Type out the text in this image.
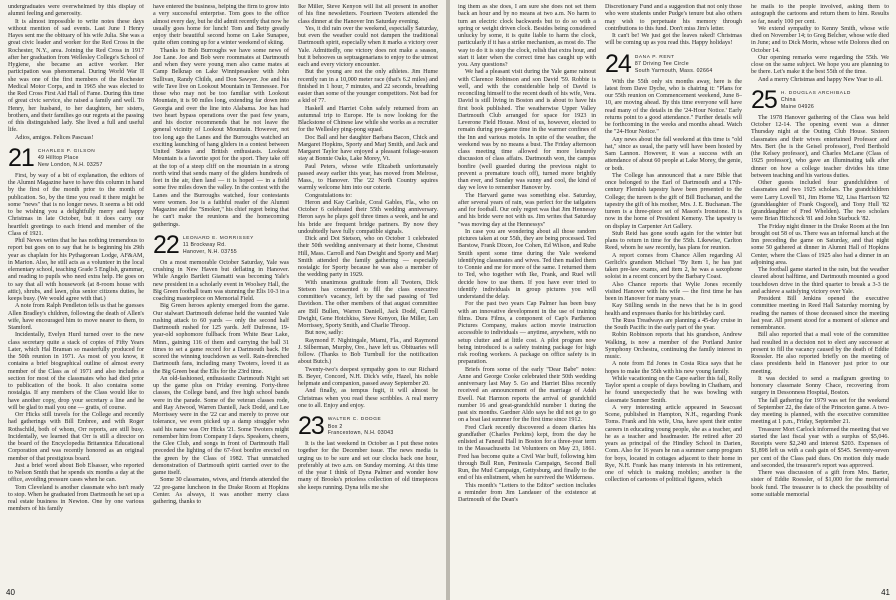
undergraduates were overwhelmed by this display of alumni feeling and generosity.

It is almost impossible to write notes these days without mention of sad events. Last June I Henry Hayes sent me the obituary of his wife Julia. She was a great civic leader and worker for the Red Cross in the Rochester, N.Y., area. Joining the Red Cross in 1917 after her graduation from Wellesley College's School of Hygiene, she became an active worker. Her participation was phenomenal. During World War II she was one of the first members of the Rochester Medical Motor Corps, and in 1965 she was elected to the Red Cross First Aid Hall of Fame. During this time of great civic service, she raised a family and well. To Henry, her husband, to her daughters, her sisters, brothers, and their families go our regrets at the passing of this distinguished lady. She lived a full and useful life.

Adios, amigos. Felices Pascuas!

21 CHARLES P. GILSON
49 Hilltop Place
New London, N.H. 03257

First, by way of a bit of explanation, the editors of the Alumni Magazine have to have this column in hand by the first of the month prior to the month of publication. So, by the time you read it there might be some "news" that is no longer news. It seems a bit odd to be wishing you a delightfully merry and happy Christmas in late October, but it does carry our heartfelt greetings to each friend and member of the Class of 1921.

Phil Neves writes that he has nothing tremendous to report but goes on to say that he is beginning his 29th year as chaplain for his Pythagorean Lodge, AF&AM, in Marion. Also, he still acts as a volunteer in the local elementary school, teaching Grade 5 English, grammar, and reading to pupils who need extra help. He goes on to say that all with housework (at 8-room house with attic), shrubs, and lawn, plus senior citizens duties, he keeps busy. (We would agree with that.)

A note from Ralph Pendleton tells us that he guesses Allen Bradley's children, following the death of Allen's wife, have encouraged him to move nearer to them, to Stamford.

Incidentally, Evelyn Hurd turned over to the new class secretary quite a stack of copies of Fifty Years Later, which Hal Braman so masterfully produced for the 50th reunion in 1971. As most of you know, it contains a brief biographical outline of almost every member of the Class as of 1971 and also includes a section for most of the classmates who had died prior to publication of the book. It also contains some nostalgia. If any members of the Class would like to have another copy, drop your secretary a line and he will be glad to mail you one — gratis, of course.

Orr Hicks still travels for the College and recently had gatherings with Bill Embree, and with Roger Rothschild, both of whom, Orr reports, are still busy. Incidentally, we learned that Orr is still a director on the board of the Encyclopedia Britannica Educational Corporation and was recently honored as an original member of that prestigious board.

Just a brief word about Bob Elsasser, who reported to Nelson Smith that he spends six months a day at the office, avoiding pressure cases when he can.

Tom Cleveland is another classmate who isn't ready to stop. When he graduated from Dartmouth he set up a real estate business in Newton. One by one various members of his family

have entered the business, helping the firm to grow into a very successful enterprise. Tom goes to the office almost every day, but he did admit recently that now he usually goes home for lunch! Tom and Betty greatly enjoy their beautiful second home on Lake Sunapee, quite often coming up for a winter weekend of skiing.

Thanks to Bob Burroughs we have some news of Joe Lane. Joe and Bob were roommates at Dartmouth and when they were young men also came mates at Camp Belknap on Lake Winnipesaukee with John Sullivan, Randy Childs, and Don Sawyer. Joe and his wife Tave live on Lookout Mountain in Tennessee. For those who may not be too familiar with Lookout Mountain, it is 90 miles long, extending far down into Georgia and over the line into Alabama. Joe has had two heart bypass operations over the past few years, and his doctor recommends that he not leave the general vicinity of Lookout Mountain. However, not too long ago the Lanes and the Burroughs watched an exciting launching of hang gliders in a contest between United States and British enthusiasts. Lookout Mountain is a favorite spot for the sport. They take off at the top of a steep cliff on the mountain in a strong north wind that sends many of the gliders hundreds of feet in the air, then land — it is hoped — in a field some five miles down the valley. In the contest with the Lanes and the Burroughs watched, four contestants were women. Joe is a faithful reader of the Alumni Magazine and the "Smoker," his chief regret being that he can't make the reunions and the homecoming gatherings.

22 LEONARD E. MORRISSEY
11 Brockway Rd.
Hanover, N.H. 03755

On a most memorable October Saturday, Yale was crushing in New Haven but deflating in Hanover. While Angelo Bartlett Giamatti was becoming Yale's new president in a scholarly event in Woolsey Hall, the Big Green football team was stunning the Elis 10-3 in a coaching masterpiece on Memorial Field.

Big Green heroes aplenty emerged from the game. Our stalwart Dartmouth defense held the vaunted Yale rushing attack to 60 yards — only the second half Dartmouth rushed for 125 yards. Jeff Dufresne, 19-year-old sophomore fullback from White Bear Lake, Minn., gaining 116 of them and carrying the ball 31 times to set a game record for a Dartmouth back. He scored the winning touchdown as well. Rain-drenched Dartmouth fans, including many Twoters, loved it as the Big Green beat the Elis for the 23rd time.

An old-fashioned, enthusiastic Dartmouth Night set up the game plus on Friday evening. Forty-three classes, the College band, and five high school bands were in the parade. Some of the veteran classes rode, and Ray Atwood, Warren Daniell, Jack Dodd, and Lee Morrissey were in the '22 car and merely to prove our tolerance, we even picked up a damp straggler who said his name was Orr Hicks '21. Some Twoters might remember him from Company I days. Speakers, cheers, the Glee Club, and songs in front of Dartmouth Hall preceded the lighting of the 67-foot bonfire erected on the green by the Class of 1982. That unmatched demonstration of Dartmouth spirit carried over to the game itself.

Some 30 classmates, wives, and friends attended the '22 pre-game luncheon in the Drake Room at Hopkins Center. As always, it was another merry class gathering, thanks to

Ike Miller, Steve Kenyon will list all present in another of his fine newsletters. Fourteen Twoters attended the class dinner at the Hanover Inn Saturday evening.

Yes, it did rain over the weekend, especially Saturday, but even the weather could not dampen the traditional Dartmouth spirit, especially when it marks a victory over Yale. Admittedly, one victory does not make a season, but it behooves us septuagenarians to enjoy to the utmost each and every victory encounter.

But the young are not the only athletes. Jim Hume recently ran in a 10,000 meter race (that's 6.2 miles) and finished in 1 hour, 7 minutes, and 22 seconds, breathing easier than some of the younger competitors. Not bad for a kid of 77.

Haskell and Harriet Cohn safely returned from an autumnal trip to Europe. He is now looking for the Blackstone of Chinese law while she works as a recruiter for the Wellesley ping-pong squad.

Doc Ball and her daughter Barbara Bacon, Chick and Margaret Hopkins, Sporty and Marj Smith, and Jack and Margaret Taylor have enjoyed a pleasant foliage-season stay at Bonnie Oaks, Lake Morey, Vt.

Paul Peters, whose wife Elizabeth unfortunately passed away earlier this year, has moved from Melrose, Mass., to Hanover. The '22 North Country squires warmly welcome him into our coterie.

Congratulations to:

Heron and Kay Carlisle, Coral Gables, Fla., who on October 6 celebrated their 55th wedding anniversary. Heron says he plays golf three times a week, and he and his bride are frequent bridge partners. By now they undoubtedly have fully compatible signals.

Dick and Dot Stetson, who on October 1 celebrated their 50th wedding anniversary at their home, Chestnut Hill, Mass. Carroll and Nan Dwight and Sporty and Marj Smith attended the family gathering — especially nostalgic for Sporty because he was also a member of the wedding party in 1929.

With unanimous gratitude from all Twoters, Dick Stetson has consented to fill the class executive committee's vacancy, left by the sad passing of Ted Davidson. The other members of that august committee are Bill Bullen, Warren Daniell, Jack Dodd, Carroll Dwight, Gene Hotchkiss, Steve Kenyon, Ike Miller, Len Morrissey, Sporty Smith, and Charlie Throop.

But now, sadly:

Raymond F. Nightingale, Miami, Fla., and Raymond J. Silberman, Murphy, Ore., have left us. Obituaries will follow. (Thanks to Bob Turnbull for the notification about Butch.)

Twenty-two's deepest sympathy goes to our Richard B. Beyer, Concord, N.H. Dick's wife, Hazel, his noble helpmate and companion, passed away September 20.

And finally, as tempus fugit, it will almost be Christmas when you read these scribbles. A real merry one to all. Enjoy and enjoy.

23 WALTER C. DODGE
Box 2
Francestown, N.H. 03043

It is the last weekend in October as I put these notes together for the December issue. The news media is urging us to be sure and set our clocks back one hour, preferably at two a.m. on Sunday morning. At this time of the year I think of Dyna Palmer and wonder how many of Brooks's priceless collection of old timepieces she keeps running. Dyna tells me she

40

ing them as she does, I am sure she does not set them back an hour and by no means at two a.m. No harm to turn an electric clock backwards but to do so with a spring or weight driven clock. Besides being considered unlucky by some, it is quite liable to harm the clock, particularly if it has a strike mechanism, as most do. The way to do it is stop the clock, relish that extra hour, and start it later when the correct time has caught up with you. Any questions?

We had a pleasant visit during the Yale game rainout with Clarence Robinson and son David '59. Robbie is well, and with the considerable help of David is reconciling himself to the recent death of his wife, Vera. David is still living in Boston and is about to have his first book published. The weatherwise Upper Valley Dartmouth Club arranged for space for 1923 in Leverone Field House. Most of us, however, elected to remain during pre-game time in the warmer confines of the Inn and various motels. In spite of the weather, the weekend was by no means a bust. The Friday afternoon class meeting time allowed for more leisurely discussion of class affairs. Dartmouth won, the campus bonfire (well guarded during the previous night to prevent a premature touch off), turned more brightly than ever, and Sunday was sunny and cool, the kind of day we love to remember Hanover by.

The Harvard game was something else. Saturday, after several years of rain, was perfect for the tailgaters and for football. Our only regret was that Jim Hennessy and his bride were not with us. Jim writes that Saturday "was moving day at the Hennessys"

In case you are wondering about all those random pictures taken at our 55th, they are being processed. Ted Barstow, Frank Dixon, Joe Cohen, Ed Wilson, and Rube Smith spent some time during the Yale weekend identifying classmates and wives. Ted then mailed them to Connie and me for more of the same. I returned them to Ted, who together with Ike, Frank, and Ruel will decide how to use them. If you have ever tried to identify individuals in group pictures you will understand the delay.

For the past two years Cap Palmer has been busy with an innovative development in the use of training films. Dura Films, a component of Cap's Parthenon Pictures Company, makes action movie instruction accessible to individuals — anytime, anywhere, with no setup clutter and at little cost. A pilot program now being introduced is a safety training package for high risk roofing workers. A package on office safety is in preparation.

Briefs from some of the early "Dear Babe" notes: Anne and George Cooke celebrated their 50th wedding anniversary last May 5. Go and Harriet Bliss recently received an announcement of the marriage of Adah Ewell. Nat Harmon reports the arrival of grandchild number 16 and great-grandchild number 1 during the past six months. Gardner Aldo says he did not go to go on a boat last summer for the first time since 1912.

Fred Clark recently discovered a dozen diaries his grandfather (Charles Perkins) kept, from the day he enlisted at Faneuil Hall in Boston for a three-year term in the Massachusetts 1st Volunteers on May 23, 1861. Fred has become quite a Civil War buff, following him through Bull Run, Peninsula Campaign, Second Bull Run, the Mud Campaign, Gettysburg, and finally to the end of his enlistment, when he survived the Wilderness.

This month's "Letters to the Editor" section includes a reminder from Jim Landauer of the existence at Dartmouth of the Dean's

Discretionary Fund and a suggestion that not only those who were students under Pudge's tenure but also others may wish to perpetuate his memory through contributions to this fund. Don't miss Jim's letter.

It can't be! We just got the leaves raked! Christmas will be coming up as you read this. Happy holidays!

24 DANA P. RENT
87 Driving Tee Circle
South Yarmouth, Mass. 02664

With the 55th only six months away, here is the latest from Dave Dyche, who is chairing it: "Plans for our 55th reunion on Commencement weekend, June 8–10, are moving ahead. By this time everyone will have read many of the details in the '24-Hour Notice.' Early returns point to a good attendance." Further details will be forthcoming in the weeks and months ahead. Watch the "24-Hour Notice."

Any news about the fall weekend at this time is "old hat," since as usual, the party will have been hosted by Sam Lannon. However, it was a success with an attendance of about 60 people at Lake Morey, the genie, or both.

The College has announced that a rare Bible that once belonged to the Earl of Dartmouth and a 17th-century Flemish tapestry have been presented to the College; the tureen is the gift of Bill Buchanan, and the tapestry the gift of his mother, Mrs. J. E. Buchanan. The tureen is a three-piece set of Mason's Ironstone. It is now in the home of President Kemeny. The tapestry is on display in Carpenter Art Gallery.

Stub Reid has gone south again for the winter but plans to return in time for the 55th. Likewise, Carlton Reed, whom he saw recently, has plans for reunion.

A report comes from Chance Allen regarding Al Gerlich's grandson Michael "By Item 1, he has just taken pre-law exams, and item 2, he was a saxophone soloist in a recent concert by the Barbary Coast.

Also Chance reports that Wylie Jones recently visited Hanover with his wife — the first time he has been in Hanover for many years.

Kay Stilling sends in the news that he is in good health and expresses thanks for his birthday card.

The Russ Treadways are planning a 45-day cruise in the South Pacific in the early part of the year.

Robin Robinson reports that his grandson, Andrew Walking, is now a member of the Portland Junior Symphony Orchestra, continuing the family interest in music.

A note from Ed Jones in Costa Rica says that he hopes to make the 55th with his new young family.

While vacationing on the Cape earlier this fall, Rolly Taylor spent a couple of days bowling in Chatham, and he found unexpectedly that he was bowling with classmate Sumner Smith.

A very interesting article appeared in Seacoast Scene, published in Hampton, N.H., regarding Frank Toms. Frank and his wife, Una, have spent their entire careers in educating young people, she as a teacher, and he as a teacher and headmaster. He retired after 20 years as principal of the Hindley School in Darien, Conn. Also for 16 years he ran a summer camp program for boys, located in cottages adjacent to their home in Rye, N.H. Frank has many interests in his retirement, one of which is making mobiles; another is the collection of cartoons of political figures, which

he mails to the people involved, asking them to autograph the cartoons and return them to him. Results so far, nearly 100 per cent.

We extend sympathy to Kenny Smith, whose wife died on November 14; to Greg Belcher, whose wife died in June; and to Dick Morin, whose wife Dolores died on October 14.

Our opening remarks were regarding the 55th. We close on the same subject. We hope you are planning to be there. Let's make it the best 55th of the time.

And a merry Christmas and happy New Year to all.

25 H. DOUGLAS ARCHIBALD
China
Maine 04926

The 1978 Hanover gathering of the Class was held October 12-14. The opening event was a dinner Thursday night at the Outing Club House. Sixteen classmates and their wives entertained Professor and Mrs. Bert (he is the Geisel professor), Fred Berthold (the Kelsey professor), and Charles McLane (Class of 1925 professor), who gave an illuminating talk after dinner on how a college teacher divides his time between teaching and his various duties.

Other guests included four grandchildren of classmates and two 1925 scholars. The grandchildren were Larry Lovell '81, Jim Horne '82, Lisa Harrison '82 (granddaughter of Frank Osgood), and Tony Hull '82 (granddaughter of Fred Whelden). The two scholars were Brian Hitchcock '81 and John Starbuck '82.

The Friday night dinner in the Drake Room at the Inn brought out 58 of us. There was an informal lunch at the Inn preceding the game on Saturday, and that night some 50 gathered at dinner in Alumni Hall of Hopkins Center, where the Class of 1925 also had a dinner in an adjoining area.

The football game started in the rain, but the weather cleared about halftime, and Dartmouth mounted a good touchdown drive in the third quarter to break a 3-3 tie and achieve a satisfying victory over Yale.

President Bill Jenkins opened the executive committee meeting in Reed Hall Saturday morning by reading the names of those deceased since the meeting last year. All present stood for a moment of silence and remembrance.

Bill also reported that a mail vote of the committee had resulted in a decision not to elect any successor at present to fill the vacancy caused by the death of Eddie Roessler. He also reported briefly on the meeting of class presidents held in Hanover just prior to our meeting.

It was decided to send a mailgram greeting to honorary classmate Sonny Chace, recovering from surgery in Dessonness Hospital, Boston.

The fall gathering for 1979 was set for the weekend of September 22, the date of the Princeton game. A two-day meeting is planned, with the executive committee meeting at 1 p.m., Friday, September 21.

Treasurer Mort Carlock informed the meeting that we started the last fiscal year with a surplus of $5,046. Receipts were $2,240 and interest $203. Expenses of $1,898 left us with a cash gain of $545. Seventy-seven per cent of the Class paid dues. On motion duly made and seconded, the treasurer's report was approved.

There was discussion of a gift from Mrs. Barter, sister of Eddie Roessler, of $1,000 for the memorial book fund. The treasurer is to check the possibility of some suitable memorial

41
